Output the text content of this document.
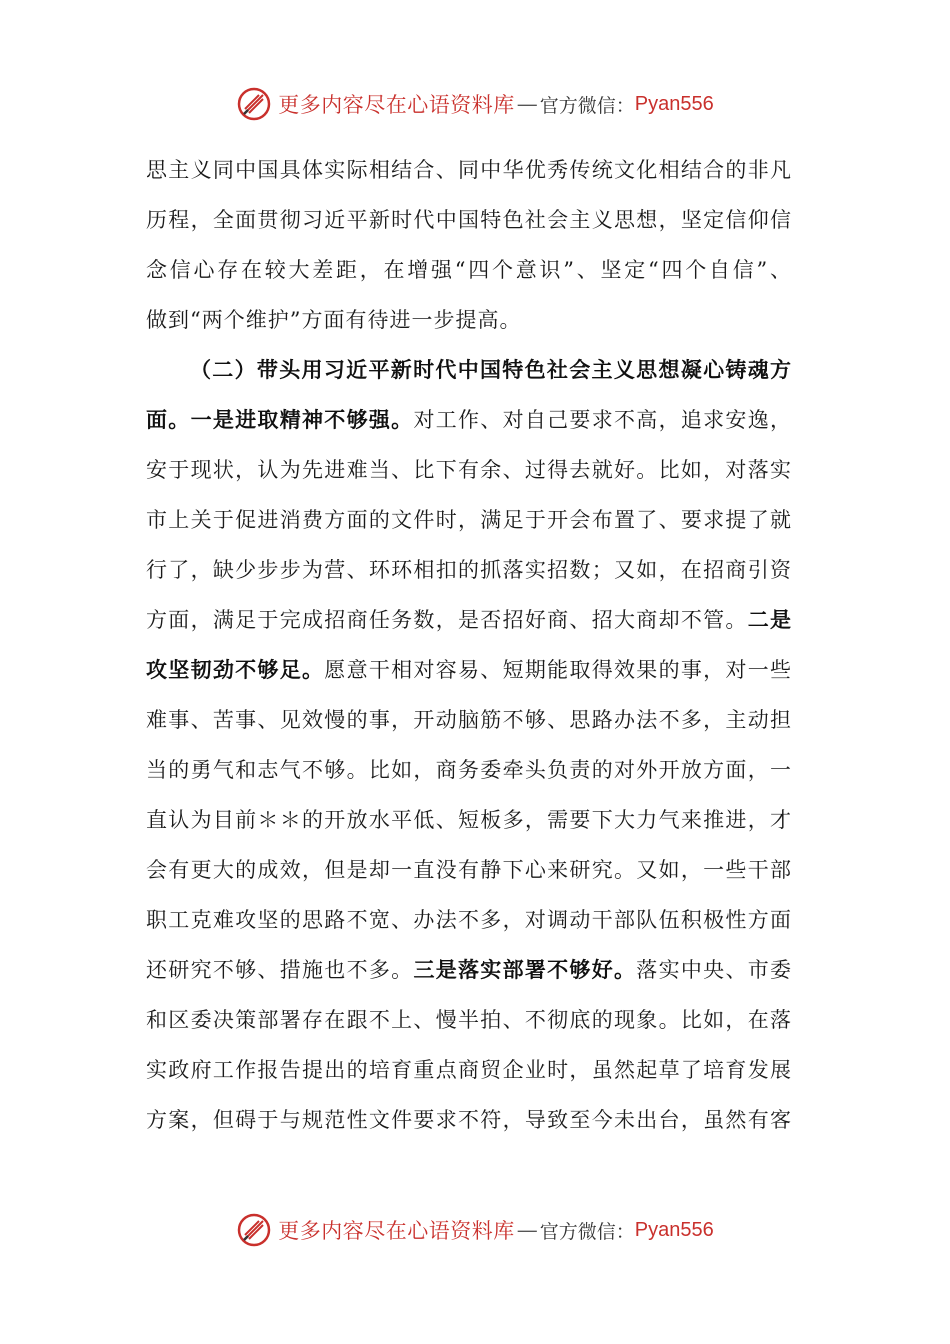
更多内容尽在心语资料库 — 官方微信： Pyan556
思主义同中国具体实际相结合、同中华优秀传统文化相结合的非凡
历程，全面贯彻习近平新时代中国特色社会主义思想，坚定信仰信
念信心存在较大差距，在增强“四个意识”、坚定“四个自信”、
做到“两个维护”方面有待进一步提高。
（二）带头用习近平新时代中国特色社会主义思想凝心铸魂方
面。一是进取精神不够强。对工作、对自己要求不高，追求安逸，
安于现状，认为先进难当、比下有余、过得去就好。比如，对落实
市上关于促进消费方面的文件时，满足于开会布置了、要求提了就
行了，缺少步步为营、环环相扣的抓落实招数；又如，在招商引资
方面，满足于完成招商任务数，是否招好商、招大商却不管。二是
攻坚韧劲不够足。愿意干相对容易、短期能取得效果的事，对一些
难事、苦事、见效慢的事，开动脑筋不够、思路办法不多，主动担
当的勇气和志气不够。比如，商务委牵头负责的对外开放方面，一
直认为目前＊＊的开放水平低、短板多，需要下大力气来推进，才
会有更大的成效，但是却一直没有静下心来研究。又如，一些干部
职工克难攻坚的思路不宽、办法不多，对调动干部队伍积极性方面
还研究不够、措施也不多。三是落实部署不够好。落实中央、市委
和区委决策部署存在跟不上、慢半拍、不彻底的现象。比如，在落
实政府工作报告提出的培育重点商贸企业时，虽然起草了培育发展
方案，但碍于与规范性文件要求不符，导致至今未出台，虽然有客
更多内容尽在心语资料库 — 官方微信： Pyan556
